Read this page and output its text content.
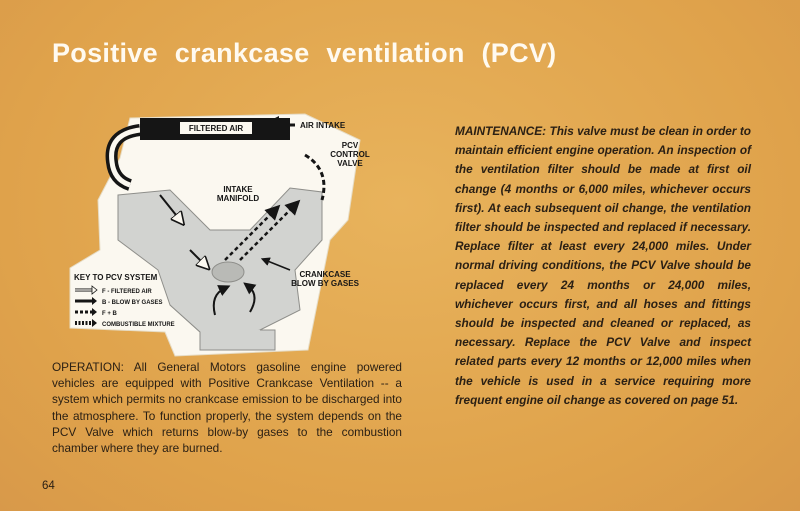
Positive crankcase ventilation (PCV)
FILTERED AIR	AIR INTAKE
PCV
CONTROL
VALVE
INTAKE
MANIFOLD
CRANKCASE
BLOW BY GASES
KEY TO PCV SYSTEM
F - FILTERED AIR
B - BLOW BY GASES
F + B
COMBUSTIBLE MIXTURE
OPERATION: All General Motors gasoline engine powered vehicles are equipped with Positive Crankcase Ventilation -- a system which permits no crankcase emission to be discharged into the atmosphere. To function properly, the system depends on the PCV Valve which returns blow-by gases to the combustion chamber where they are burned.
MAINTENANCE: This valve must be clean in order to maintain efficient engine operation. An inspection of the ventilation filter should be made at first oil change (4 months or 6,000 miles, whichever occurs first). At each subsequent oil change, the ventilation filter should be inspected and replaced if necessary. Replace filter at least every 24,000 miles. Under normal driving conditions, the PCV Valve should be replaced every 24 months or 24,000 miles, whichever occurs first, and all hoses and fittings should be inspected and cleaned or replaced, as necessary. Replace the PCV Valve and inspect related parts every 12 months or 12,000 miles when the vehicle is used in a service requiring more frequent engine oil change as covered on page 51.
64
